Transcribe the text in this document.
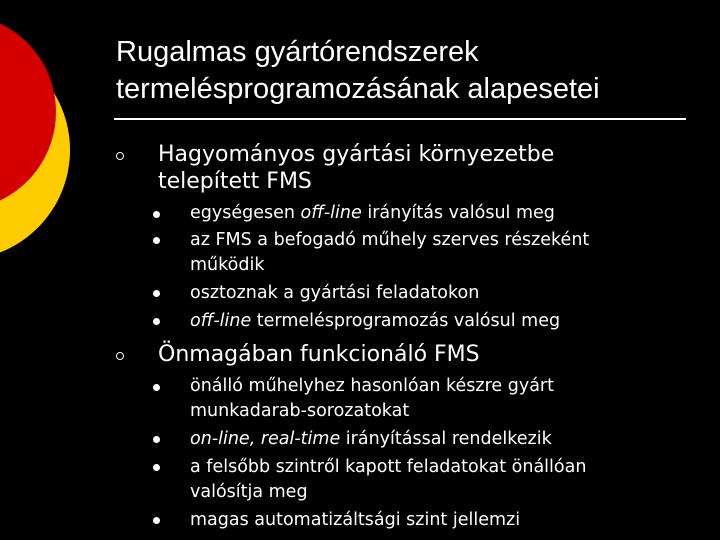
Rugalmas gyártórendszerek
termelésprogramozásának alapesetei
Hagyományos gyártási környezetbe
telepített FMS
egységesen off-line irányítás valósul meg
az FMS a befogadó műhely szerves részeként
működik
osztoznak a gyártási feladatokon
off-line termelésprogramozás valósul meg
Önmagában funkcionáló FMS
önálló műhelyhez hasonlóan készre gyárt
munkadarab-sorozatokat
on-line, real-time irányítással rendelkezik
a felsőbb szintről kapott feladatokat önállóan
valósítja meg
magas automatizáltsági szint jellemzi
